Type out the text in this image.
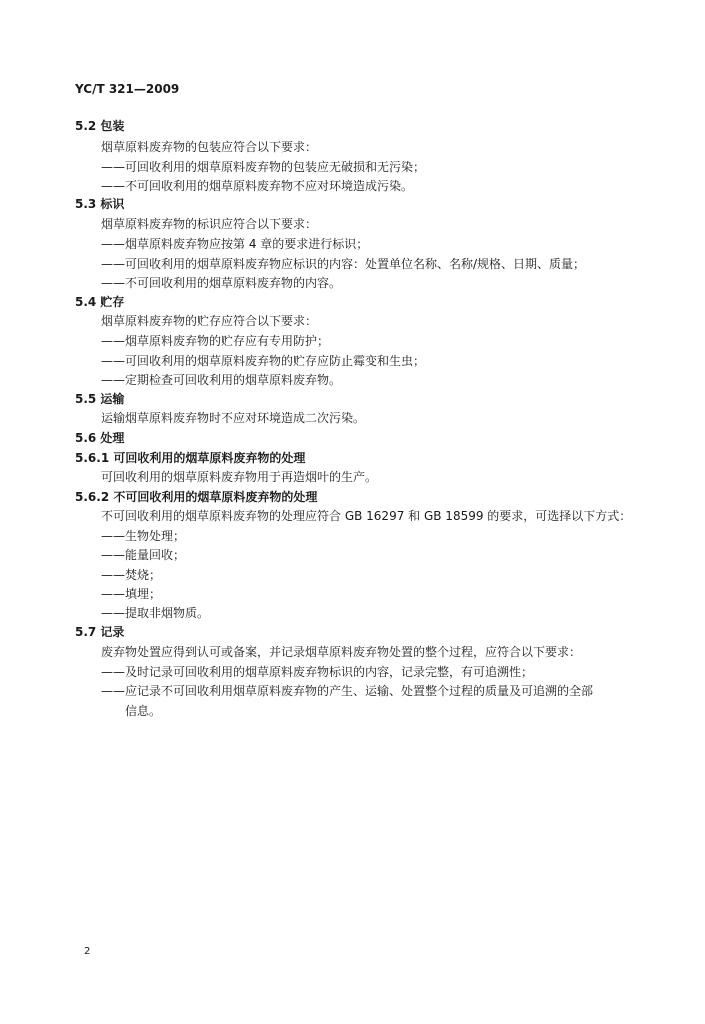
YC/T 321—2009
5.2 包装
烟草原料废弃物的包装应符合以下要求：
——可回收利用的烟草原料废弃物的包装应无破损和无污染；
——不可回收利用的烟草原料废弃物不应对环境造成污染。
5.3 标识
烟草原料废弃物的标识应符合以下要求：
——烟草原料废弃物应按第 4 章的要求进行标识；
——可回收利用的烟草原料废弃物应标识的内容：处置单位名称、名称/规格、日期、质量；
——不可回收利用的烟草原料废弃物的内容。
5.4 贮存
烟草原料废弃物的贮存应符合以下要求：
——烟草原料废弃物的贮存应有专用防护；
——可回收利用的烟草原料废弃物的贮存应防止霉变和生虫；
——定期检查可回收利用的烟草原料废弃物。
5.5 运输
运输烟草原料废弃物时不应对环境造成二次污染。
5.6 处理
5.6.1 可回收利用的烟草原料废弃物的处理
可回收利用的烟草原料废弃物用于再造烟叶的生产。
5.6.2 不可回收利用的烟草原料废弃物的处理
不可回收利用的烟草原料废弃物的处理应符合 GB 16297 和 GB 18599 的要求，可选择以下方式：
——生物处理；
——能量回收；
——焚烧；
——填埋；
——提取非烟物质。
5.7 记录
废弃物处置应得到认可或备案，并记录烟草原料废弃物处置的整个过程，应符合以下要求：
——及时记录可回收利用的烟草原料废弃物标识的内容，记录完整，有可追溯性；
——应记录不可回收利用烟草原料废弃物的产生、运输、处置整个过程的质量及可追溯的全部
信息。
2
